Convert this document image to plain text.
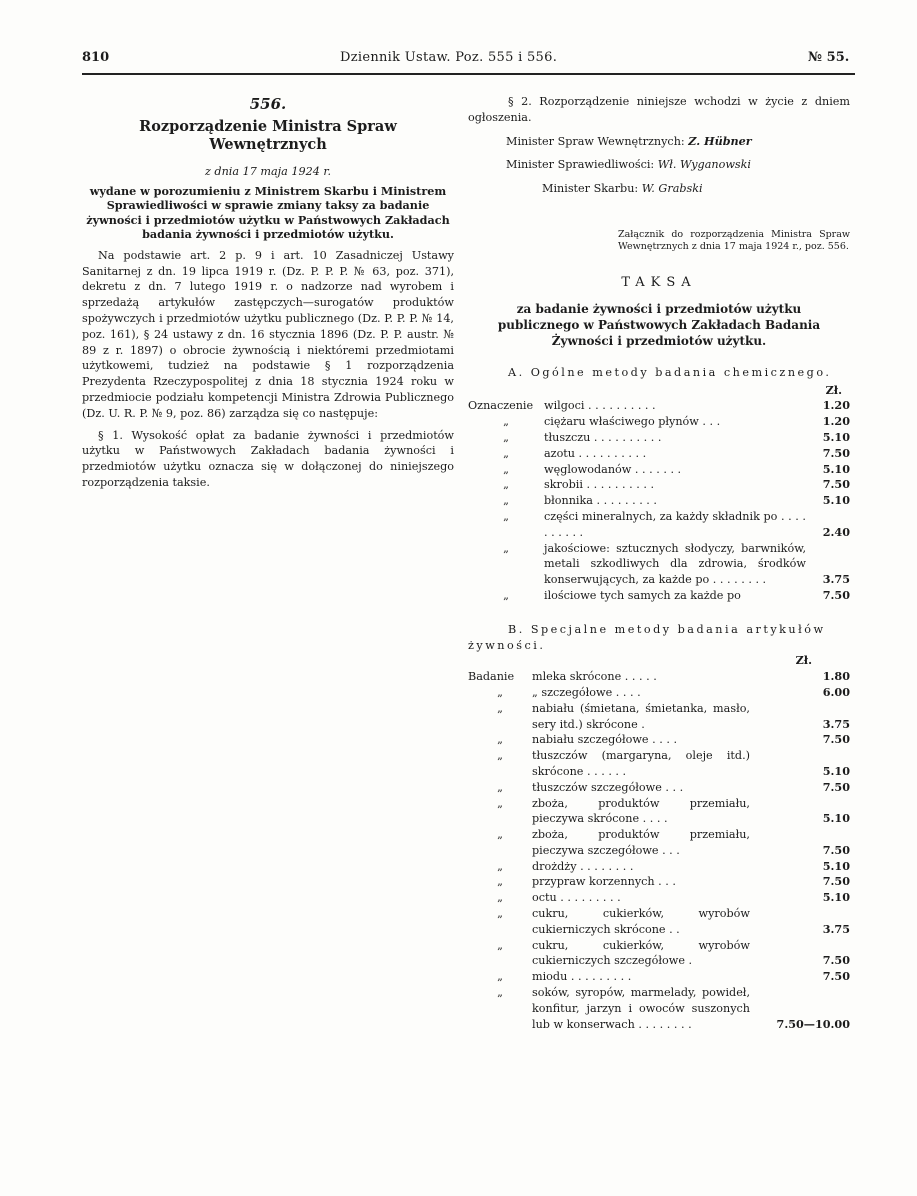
810	Dziennik Ustaw. Poz. 555 i 556.	№ 55.
556.
Rozporządzenie Ministra Spraw
Wewnętrznych
z dnia 17 maja 1924 r.
wydane w porozumieniu z Ministrem Skarbu i Ministrem Sprawiedliwości w sprawie zmiany taksy za badanie żywności i przedmiotów użytku w Państwowych Zakładach badania żywności i przedmiotów użytku.
Na podstawie art. 2 p. 9 i art. 10 Zasadniczej Ustawy Sanitarnej z dn. 19 lipca 1919 r. (Dz. P. P. P. № 63, poz. 371), dekretu z dn. 7 lutego 1919 r. o nadzorze nad wyrobem i sprzedażą artykułów zastępczych—surogatów produktów spożywczych i przedmiotów użytku publicznego (Dz. P. P. P. № 14, poz. 161), § 24 ustawy z dn. 16 stycznia 1896 (Dz. P. P. austr. № 89 z r. 1897) o obrocie żywnością i niektóremi przedmiotami użytkowemi, tudzież na podstawie § 1 rozporządzenia Prezydenta Rzeczypospolitej z dnia 18 stycznia 1924 roku w przedmiocie podziału kompetencji Ministra Zdrowia Publicznego (Dz. U. R. P. № 9, poz. 86) zarządza się co następuje:
§ 1. Wysokość opłat za badanie żywności i przedmiotów użytku w Państwowych Zakładach badania żywności i przedmiotów użytku oznacza się w dołączonej do niniejszego rozporządzenia taksie.
§ 2. Rozporządzenie niniejsze wchodzi w życie z dniem ogłoszenia.
Minister Spraw Wewnętrznych: Z. Hübner
Minister Sprawiedliwości: Wł. Wyganowski
Minister Skarbu: W. Grabski
Załącznik do rozporządzenia Ministra Spraw Wewnętrznych z dnia 17 maja 1924 r., poz. 556.
TAKSA
za badanie żywności i przedmiotów użytku publicznego w Państwowych Zakładach Badania Żywności i przedmiotów użytku.
A. Ogólne metody badania chemicznego.
Zł.
Oznaczenie wilgoci . . . . . . . . . .	1.20
„	ciężaru właściwego płynów . . .	1.20
„	tłuszczu . . . . . . . . . .	5.10
„	azotu . . . . . . . . . .	7.50
„	węglowodanów . . . . . . .	5.10
„	skrobii . . . . . . . . . .	7.50
„	błonnika . . . . . . . . .	5.10
„	części mineralnych, za każdy składnik po . . . . . . . . . .	2.40
„	jakościowe: sztucznych słodyczy, barwników, metali szkodliwych dla zdrowia, środków konserwujących, za każde po . . . . . . . .	3.75
„	ilościowe tych samych za każde po	7.50
B. Specjalne metody badania artykułów żywności.
Zł.
Badanie	mleka skrócone . . . . .	1.80
„	„ szczegółowe . . . .	6.00
„	nabiału (śmietana, śmietanka, masło, sery itd.) skrócone .	3.75
„	nabiału szczegółowe . . . .	7.50
„	tłuszczów (margaryna, oleje itd.) skrócone . . . . . .	5.10
„	tłuszczów szczegółowe . . .	7.50
„	zboża, produktów przemiału, pieczywa skrócone . . . .	5.10
„	zboża, produktów przemiału, pieczywa szczegółowe . . .	7.50
„	drożdży . . . . . . . .	5.10
„	przypraw korzennych . . .	7.50
„	octu . . . . . . . . .	5.10
„	cukru, cukierków, wyrobów cukierniczych skrócone . .	3.75
„	cukru, cukierków, wyrobów cukierniczych szczegółowe .	7.50
„	miodu . . . . . . . . .	7.50
„	soków, syropów, marmelady, powideł, konfitur, jarzyn i owoców suszonych lub w konserwach . . . . . . . .	7.50—10.00
